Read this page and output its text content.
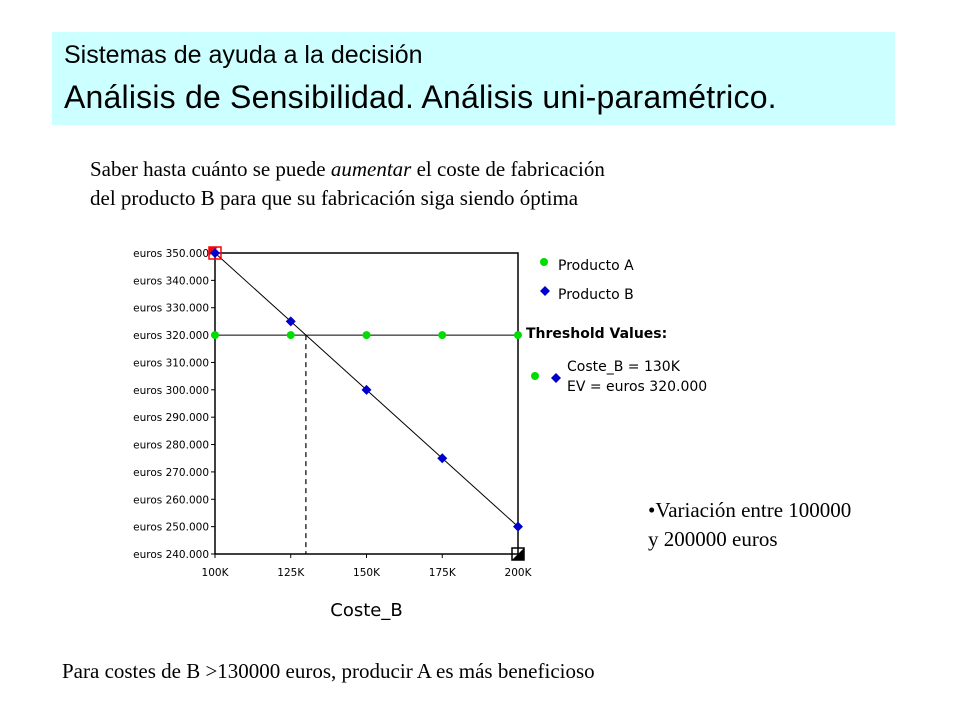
Sistemas de ayuda a la decisión
Análisis de Sensibilidad. Análisis uni-paramétrico.
Saber hasta cuánto se puede aumentar el coste de fabricación
del producto B para que su fabricación siga siendo óptima
euros 240.000
euros 250.000
euros 260.000
euros 270.000
euros 280.000
euros 290.000
euros 300.000
euros 310.000
euros 320.000
euros 330.000
euros 340.000
euros 350.000
100K	125K	150K	175K	200K
Coste_B
Producto A
Producto B
Threshold Values:
Coste_B = 130K
EV = euros 320.000
•Variación entre 100000
y 200000 euros
Para costes de B >130000 euros, producir A es más beneficioso
